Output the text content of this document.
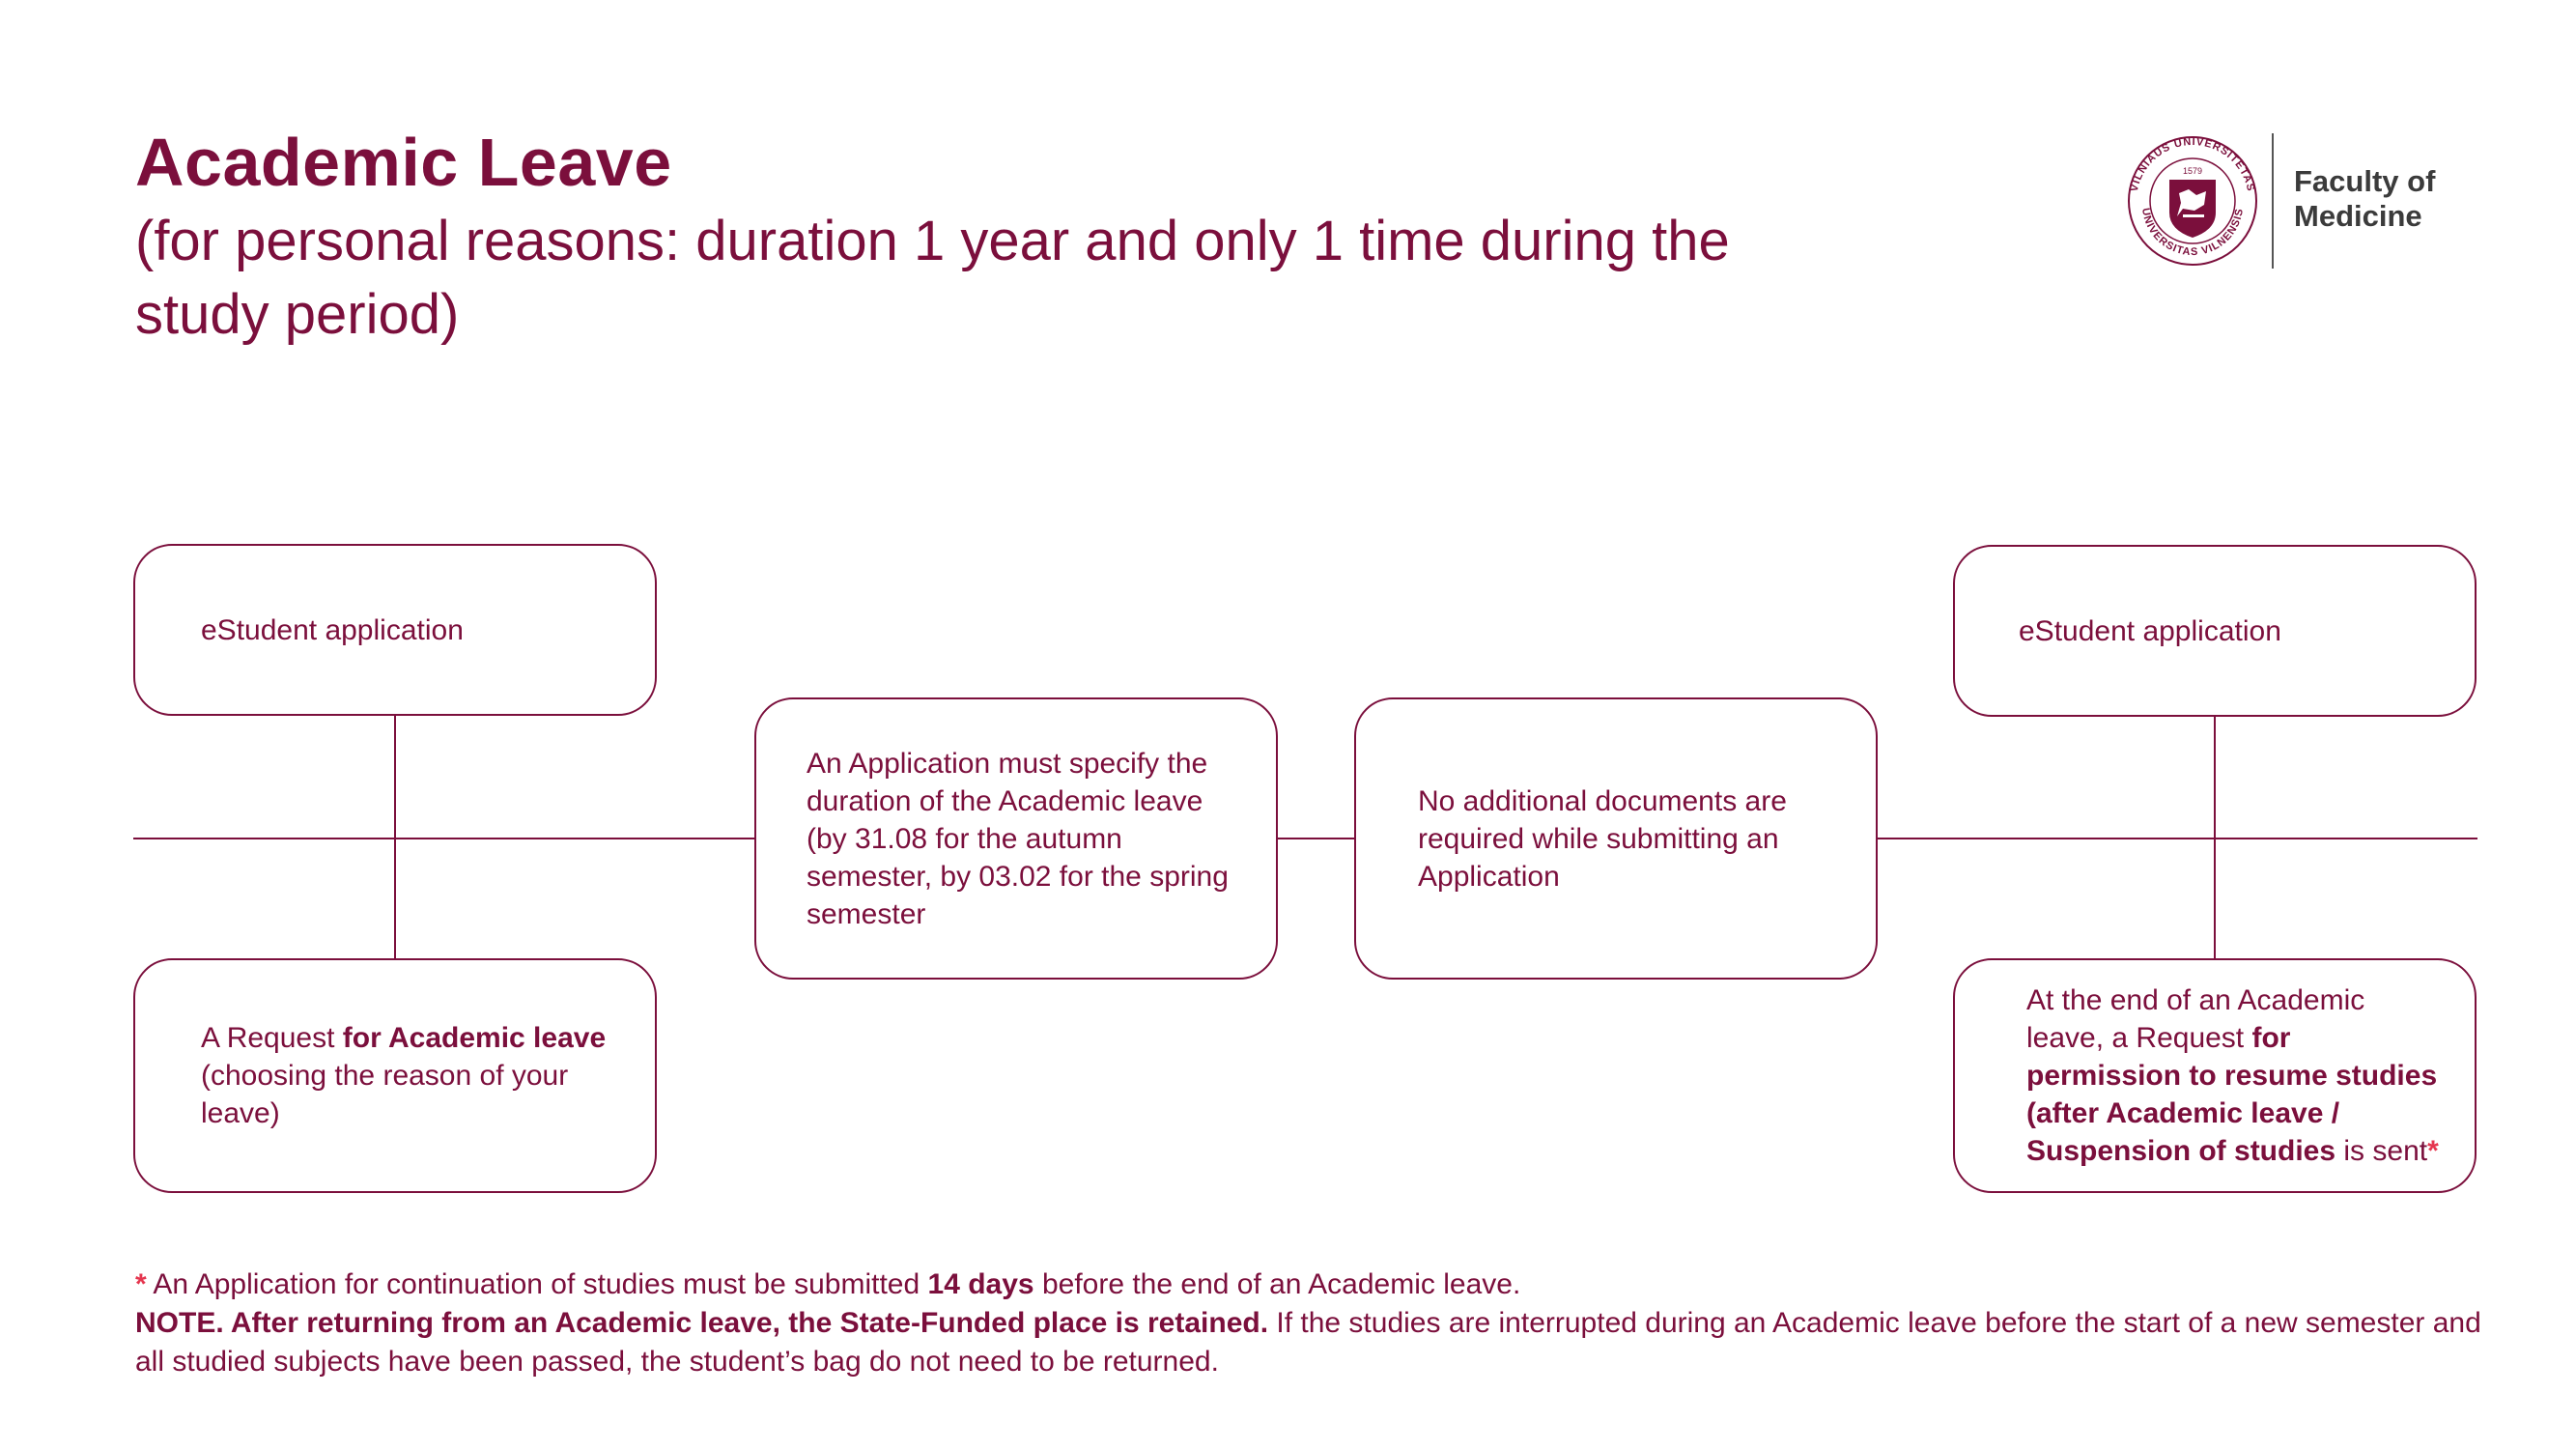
Academic Leave

(for personal reasons: duration 1 year and only 1 time during the study period)

VILNIAUS UNIVERSITETAS
UNIVERSITAS VILNENSIS
1579	Faculty of
Medicine
eStudent application
A Request for Academic leave (choosing the reason of your leave)
An Application must specify the duration of the Academic leave (by 31.08 for the autumn semester, by 03.02 for the spring semester
No additional documents are required while submitting an Application
eStudent application
At the end of an Academic leave, a Request for permission to resume studies (after Academic leave / Suspension of studies is sent*
* An Application for continuation of studies must be submitted 14 days before the end of an Academic leave.
NOTE. After returning from an Academic leave, the State-Funded place is retained. If the studies are interrupted during an Academic leave before the start of a new semester and all studied subjects have been passed, the student’s bag do not need to be returned.
